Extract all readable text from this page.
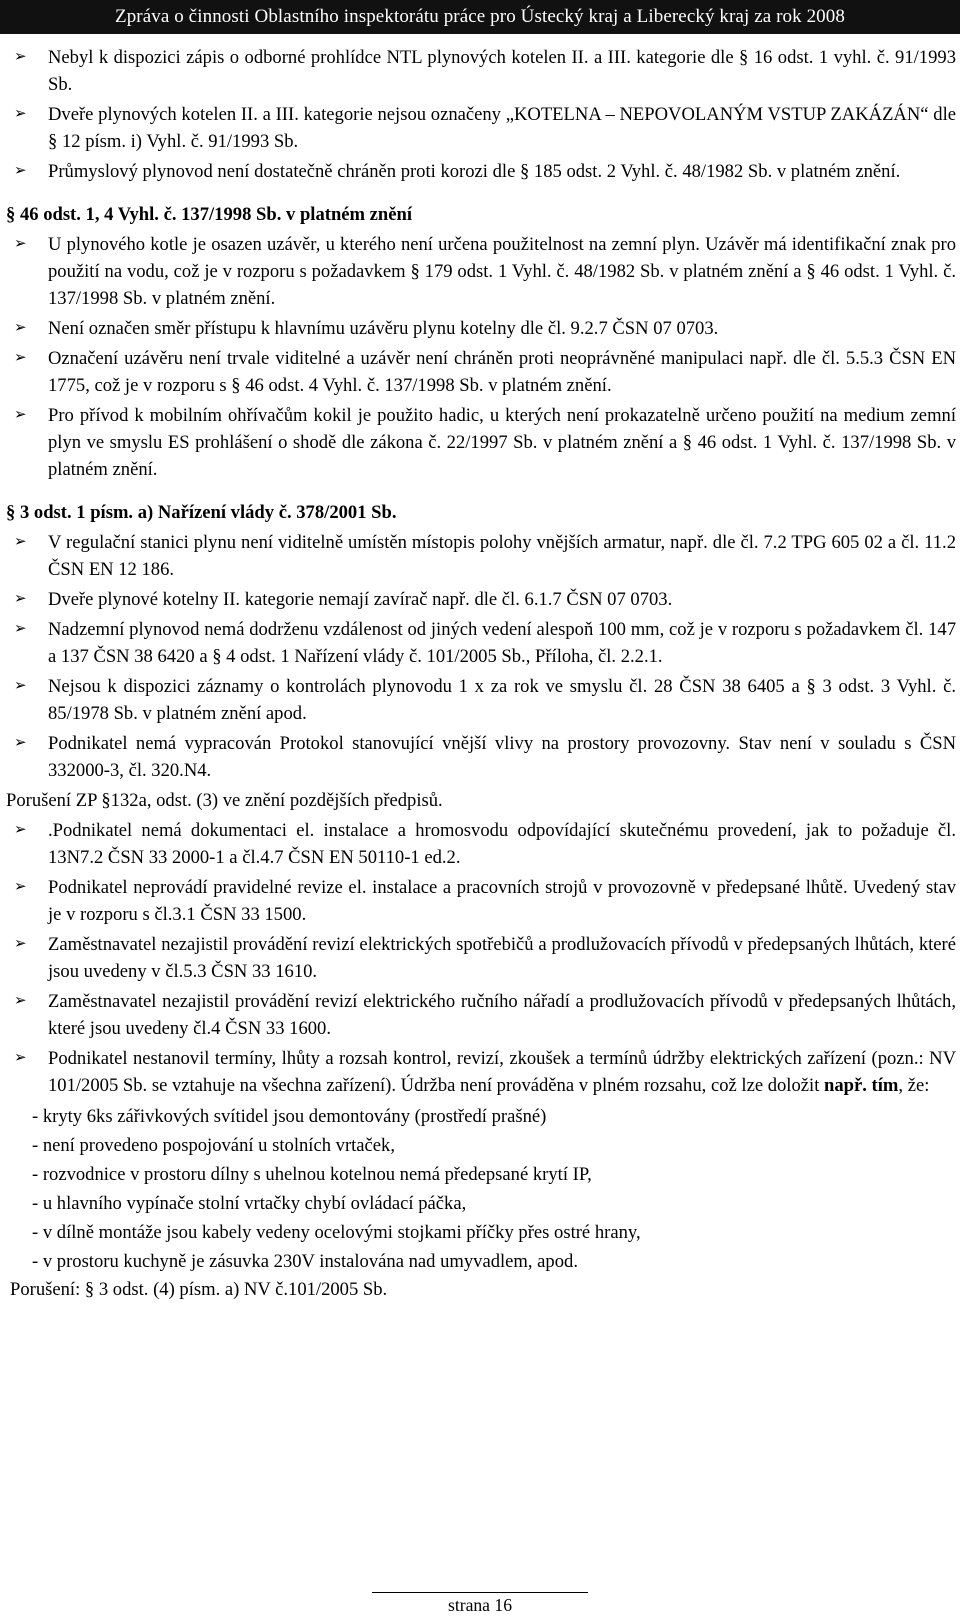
Zpráva o činnosti Oblastního inspektorátu práce pro Ústecký kraj a Liberecký kraj za rok 2008
➢ Nebyl k dispozici zápis o odborné prohlídce NTL plynových kotelen II. a III. kategorie dle § 16 odst. 1 vyhl. č. 91/1993 Sb.
➢ Dveře plynových kotelen II. a III. kategorie nejsou označeny „KOTELNA – NEPOVOLANÝM VSTUP ZAKÁZÁN“ dle § 12 písm. i) Vyhl. č. 91/1993 Sb.
➢ Průmyslový plynovod není dostatečně chráněn proti korozi dle § 185 odst. 2 Vyhl. č. 48/1982 Sb. v platném znění.
§ 46 odst. 1, 4 Vyhl. č. 137/1998 Sb. v platném znění
➢ U plynového kotle je osazen uzávěr, u kterého není určena použitelnost na zemní plyn. Uzávěr má identifikační znak pro použití na vodu, což je v rozporu s požadavkem § 179 odst. 1 Vyhl. č. 48/1982 Sb. v platném znění a § 46 odst. 1 Vyhl. č. 137/1998 Sb. v platném znění.
➢ Není označen směr přístupu k hlavnímu uzávěru plynu kotelny dle čl. 9.2.7 ČSN 07 0703.
➢ Označení uzávěru není trvale viditelné a uzávěr není chráněn proti neoprávněné manipulaci např. dle čl. 5.5.3 ČSN EN 1775, což je v rozporu s § 46 odst. 4 Vyhl. č. 137/1998 Sb. v platném znění.
➢ Pro přívod k mobilním ohřívačům kokil je použito hadic, u kterých není prokazatelně určeno použití na medium zemní plyn ve smyslu ES prohlášení o shodě dle zákona č. 22/1997 Sb. v platném znění a § 46 odst. 1 Vyhl. č. 137/1998 Sb. v platném znění.
§ 3 odst. 1 písm. a) Nařízení vlády č. 378/2001 Sb.
➢ V regulační stanici plynu není viditelně umístěn místopis polohy vnějších armatur, např. dle čl. 7.2 TPG 605 02 a čl. 11.2 ČSN EN 12 186.
➢ Dveře plynové kotelny II. kategorie nemají zavírač např. dle čl. 6.1.7 ČSN 07 0703.
➢ Nadzemní plynovod nemá dodrženu vzdálenost od jiných vedení alespoň 100 mm, což je v rozporu s požadavkem čl. 147 a 137 ČSN 38 6420 a § 4 odst. 1 Nařízení vlády č. 101/2005 Sb., Příloha, čl. 2.2.1.
➢ Nejsou k dispozici záznamy o kontrolách plynovodu 1 x za rok ve smyslu čl. 28 ČSN 38 6405 a § 3 odst. 3 Vyhl. č. 85/1978 Sb. v platném znění apod.
➢ Podnikatel nemá vypracován Protokol stanovující vnější vlivy na prostory provozovny. Stav není v souladu s ČSN 332000-3, čl. 320.N4.
Porušení ZP §132a, odst. (3) ve znění pozdějších předpisů.
➢ .Podnikatel nemá dokumentaci el. instalace a hromosvodu odpovídající skutečnému provedení, jak to požaduje čl. 13N7.2 ČSN 33 2000-1 a čl.4.7 ČSN EN 50110-1 ed.2.
➢ Podnikatel neprovádí pravidelné revize el. instalace a pracovních strojů v provozovně v předepsané lhůtě. Uvedený stav je v rozporu s čl.3.1 ČSN 33 1500.
➢ Zaměstnavatel nezajistil provádění revizí elektrických spotřebičů a prodlužovacích přívodů v předepsaných lhůtách, které jsou uvedeny v čl.5.3 ČSN 33 1610.
➢ Zaměstnavatel nezajistil provádění revizí elektrického ručního nářadí a prodlužovacích přívodů v předepsaných lhůtách, které jsou uvedeny čl.4 ČSN 33 1600.
➢ Podnikatel nestanovil termíny, lhůty a rozsah kontrol, revizí, zkoušek a termínů údržby elektrických zařízení (pozn.: NV 101/2005 Sb. se vztahuje na všechna zařízení). Údržba není prováděna v plném rozsahu, což lze doložit např. tím, že:
- kryty 6ks zářivkových svítidel jsou demontovány (prostředí prašné)
- není provedeno pospojování u stolních vrtaček,
- rozvodnice v prostoru dílny s uhelnou kotelnou nemá předepsané krytí IP,
- u hlavního vypínače stolní vrtačky chybí ovládací páčka,
- v dílně montáže jsou kabely vedeny ocelovými stojkami příčky přes ostré hrany,
- v prostoru kuchyně je zásuvka 230V instalována nad umyvadlem, apod.
Porušení: § 3 odst. (4) písm. a) NV č.101/2005 Sb.
strana 16
